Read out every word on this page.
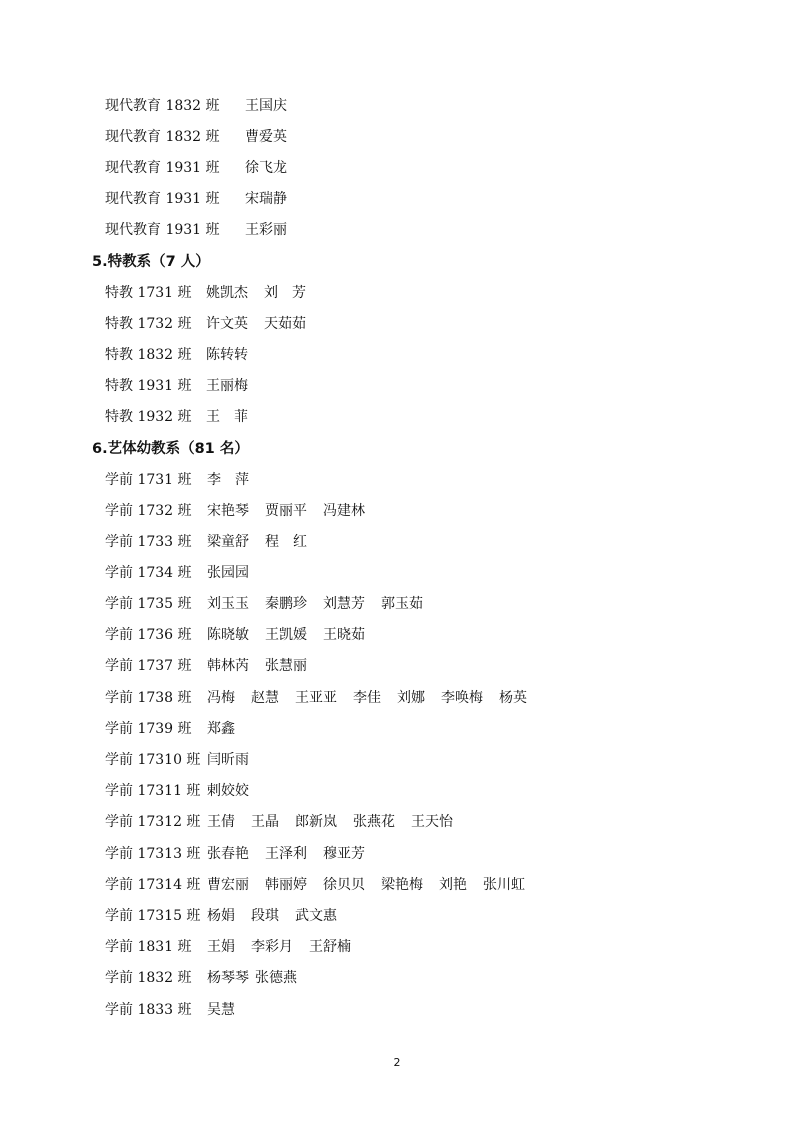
现代教育 1832 班 王国庆
现代教育 1832 班 曹爱英
现代教育 1931 班 徐飞龙
现代教育 1931 班 宋瑞静
现代教育 1931 班 王彩丽
5.特教系（7 人）
特教 1731 班 姚凯杰 刘　芳
特教 1732 班 许文英 天茹茹
特教 1832 班 陈转转
特教 1931 班 王丽梅
特教 1932 班 王　菲
6.艺体幼教系（81 名）
学前 1731 班 李　萍
学前 1732 班 宋艳琴 贾丽平 冯建林
学前 1733 班 梁童舒 程　红
学前 1734 班 张园园
学前 1735 班 刘玉玉 秦鹏珍 刘慧芳 郭玉茹
学前 1736 班 陈晓敏 王凯媛 王晓茹
学前 1737 班 韩林芮 张慧丽
学前 1738 班 冯梅 赵慧 王亚亚 李佳 刘娜 李唤梅 杨英
学前 1739 班 郑鑫
学前 17310 班 闫昕雨
学前 17311 班 剌姣姣
学前 17312 班 王倩 王晶 郎新岚 张燕花 王天怡
学前 17313 班 张春艳 王泽利 穆亚芳
学前 17314 班 曹宏丽 韩丽婷 徐贝贝 梁艳梅 刘艳 张川虹
学前 17315 班 杨娟 段琪 武文惠
学前 1831 班 王娟 李彩月 王舒楠
学前 1832 班 杨琴琴 张德燕
学前 1833 班 吴慧
2
